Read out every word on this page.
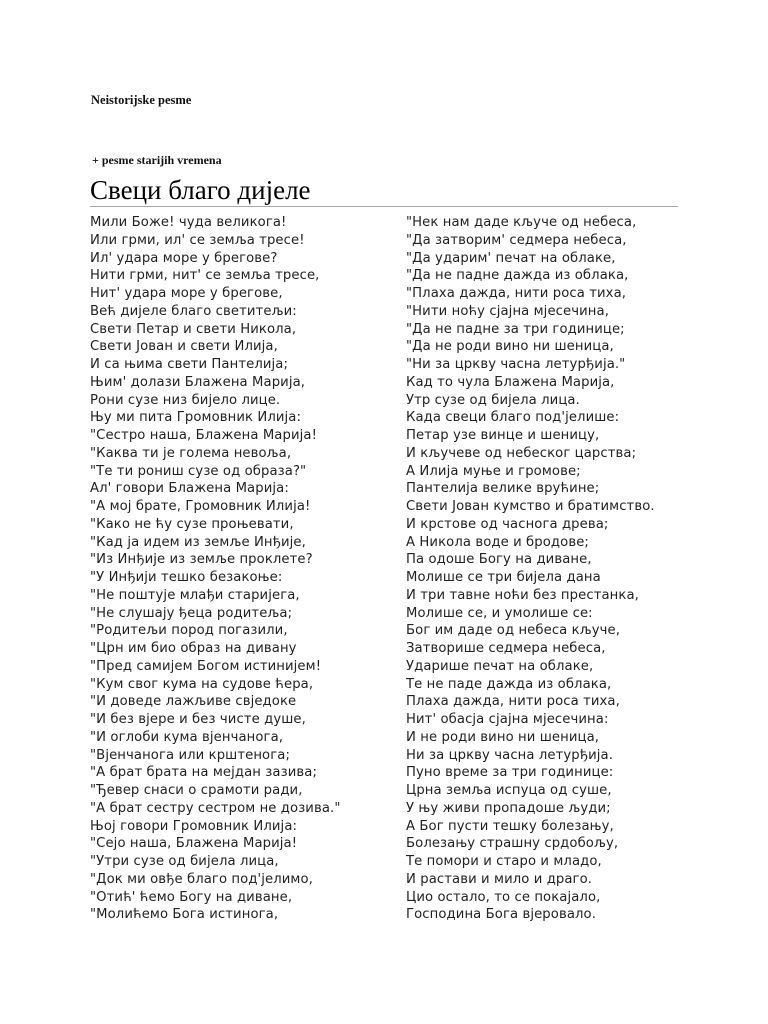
Neistorijske pesme
+ pesme starijih vremena
Свеци благо дијеле
Мили Боже! чуда великога!
Или грми, ил' се земља тресе!
Ил' удара море у брегове?
Нити грми, нит' се земља тресе,
Нит' удара море у брегове,
Већ дијеле благо светитељи:
Свети Петар и свети Никола,
Свети Јован и свети Илија,
И са њима свети Пантелија;
Њим' долази Блажена Марија,
Рони сузе низ бијело лице.
Њу ми пита Громовник Илија:
"Сестро наша, Блажена Марија!
"Каква ти је голема невоља,
"Те ти рониш сузе од образа?"
Ал' говори Блажена Марија:
"А мој брате, Громовник Илија!
"Како не ћу сузе проњевати,
"Кад ја идем из земље Инђије,
"Из Инђије из земље проклете?
"У Инђији тешко безакоње:
"Не поштује млађи старијега,
"Не слушају ђеца родитеља;
"Родитељи пород погазили,
"Црн им био образ на дивану
"Пред самијем Богом истинијем!
"Кум свог кума на судове ћера,
"И доведе лажљиве свједоке
"И без вјере и без чисте душе,
"И оглоби кума вјенчанога,
"Вјенчанога или крштенога;
"А брат брата на мејдан зазива;
"Ђевер снаси о срамоти ради,
"А брат сестру сестром не дозива."
Њој говори Громовник Илија:
"Сејо наша, Блажена Марија!
"Утри сузе од бијела лица,
"Док ми овђе благо под'јелимо,
"Отић' ћемо Богу на диване,
"Молићемо Бога истинога,
"Нек нам даде кључе од небеса,
"Да затворим' седмера небеса,
"Да ударим' печат на облаке,
"Да не падне дажда из облака,
"Плаха дажда, нити роса тиха,
"Нити ноћу сјајна мјесечина,
"Да не падне за три годинице;
"Да не роди вино ни шеница,
"Ни за цркву часна летурђија."
Кад то чула Блажена Марија,
Утр сузе од бијела лица.
Када свеци благо под'јелише:
Петар узе винце и шеницу,
И кључеве од небеског царства;
А Илија муње и громове;
Пантелија велике врућине;
Свети Јован кумство и братимство.
И крстове од часнога древа;
А Никола воде и бродове;
Па одоше Богу на диване,
Молише се три бијела дана
И три тавне ноћи без престанка,
Молише се, и умолише се:
Бог им даде од небеса кључе,
Затворише седмера небеса,
Ударише печат на облаке,
Те не паде дажда из облака,
Плаха дажда, нити роса тиха,
Нит' обасја сјајна мјесечина:
И не роди вино ни шеница,
Ни за цркву часна летурђија.
Пуно време за три годинице:
Црна земља испуца од суше,
У њу живи пропадоше људи;
А Бог пусти тешку болезању,
Болезању страшну срдобољу,
Те помори и старо и младо,
И растави и мило и драго.
Цио остало, то се покајало,
Господина Бога вјеровало.
